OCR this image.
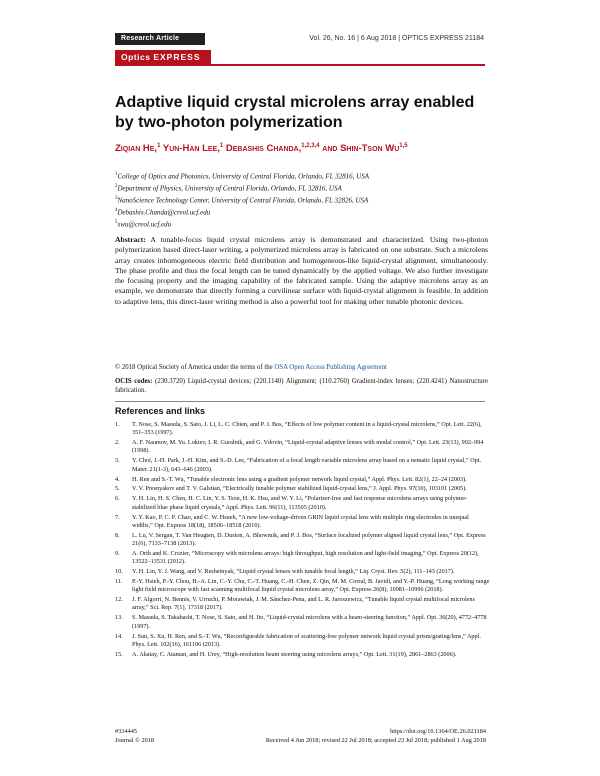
Research Article	Vol. 26, No. 16 | 6 Aug 2018 | OPTICS EXPRESS 21184
Optics EXPRESS
Adaptive liquid crystal microlens array enabled by two-photon polymerization
Ziqian He,$^1$ Yun-Han Lee,$^1$ Debashis Chanda,$^{1,2,3,4}$ and Shin-Tson Wu$^{1,5}$
$^1$College of Optics and Photonics, University of Central Florida, Orlando, FL 32816, USA
$^2$Department of Physics, University of Central Florida, Orlando, FL 32816, USA
$^3$NanoScience Technology Center, University of Central Florida, Orlando, FL 32826, USA
$^4$Debashis.Chanda@creol.ucf.edu
$^5$swu@creol.ucf.edu
Abstract: A tunable-focus liquid crystal microlens array is demonstrated and characterized. Using two-photon polymerization based direct-laser writing, a polymerized microlens array is fabricated on one substrate. Such a microlens array creates inhomogeneous electric field distribution and homogeneous-like liquid-crystal alignment, simultaneously. The phase profile and thus the focal length can be tuned dynamically by the applied voltage. We also further investigate the focusing property and the imaging capability of the fabricated sample. Using the adaptive microlens array as an example, we demonstrate that directly forming a curvilinear surface with liquid-crystal alignment is feasible. In addition to adaptive lens, this direct-laser writing method is also a powerful tool for making other tunable photonic devices.
© 2018 Optical Society of America under the terms of the OSA Open Access Publishing Agreement
OCIS codes: (230.3720) Liquid-crystal devices; (220.1140) Alignment; (110.2760) Gradient-index lenses; (220.4241) Nanostructure fabrication.
References and links
1. T. Nose, S. Masuda, S. Sato, J. Li, L. C. Chien, and P. J. Bos, “Effects of low polymer content in a liquid-crystal microlens,” Opt. Lett. 22(6), 351–353 (1997).
2. A. F. Naumov, M. Yu. Loktev, I. R. Guralnik, and G. Vdovin, “Liquid-crystal adaptive lenses with modal control,” Opt. Lett. 23(13), 992–994 (1998).
3. Y. Choi, J.-H. Park, J.-H. Kim, and S.-D. Lee, “Fabrication of a focal length variable microlens array based on a nematic liquid crystal,” Opt. Mater. 21(1-3), 643–646 (2003).
4. H. Ren and S.-T. Wu, “Tunable electronic lens using a gradient polymer network liquid crystal,” Appl. Phys. Lett. 82(1), 22–24 (2003).
5. V. V. Presnyakov and T. V. Galstian, “Electrically tunable polymer stabilized liquid-crystal lens,” J. Appl. Phys. 97(10), 103101 (2005).
6. Y. H. Lin, H. S. Chen, H. C. Lin, Y. S. Tsou, H. K. Hsu, and W. Y. Li, “Polarizer-free and fast response microlens arrays using polymer-stabilized blue phase liquid crystals,” Appl. Phys. Lett. 96(11), 113505 (2010).
7. Y. Y. Kao, P. C. P. Chao, and C. W. Hsueh, “A new low-voltage-driven GRIN liquid crystal lens with multiple ring electrodes in unequal widths,” Opt. Express 18(18), 18506–18518 (2010).
8. L. Lu, V. Sergan, T. Van Heugten, D. Duston, A. Bhowmik, and P. J. Bos, “Surface localized polymer aligned liquid crystal lens,” Opt. Express 21(6), 7133–7138 (2013).
9. A. Orth and K. Crozier, “Microscopy with microlens arrays: high throughput, high resolution and light-field imaging,” Opt. Express 20(12), 13522–13531 (2012).
10. Y. H. Lin, Y. J. Wang, and V. Reshetnyak, “Liquid crystal lenses with tunable focal length,” Liq. Cryst. Rev. 5(2), 111–143 (2017).
11. P.-Y. Hsieh, P.-Y. Chou, H.-A. Lin, C.-Y. Chu, C.-T. Huang, C.-H. Chen, Z. Qin, M. M. Corral, B. Javidi, and Y.-P. Huang, “Long working range light field microscope with fast scanning multifocal liquid crystal microlens array,” Opt. Express 26(8), 10981–10996 (2018).
12. J. F. Algorri, N. Bennis, V. Urruchi, P. Morawiak, J. M. Sánchez-Pena, and L. R. Jaroszewicz, “Tunable liquid crystal multifocal microlens array,” Sci. Rep. 7(1), 17318 (2017).
13. S. Masuda, S. Takahashi, T. Nose, S. Sato, and H. Ito, “Liquid-crystal microlens with a beam-steering function,” Appl. Opt. 36(20), 4772–4778 (1997).
14. J. Sun, S. Xu, H. Ren, and S.-T. Wu, “Reconfigurable fabrication of scattering-free polymer network liquid crystal prism/grating/lens,” Appl. Phys. Lett. 102(16), 161106 (2013).
15. A. Akatay, C. Ataman, and H. Urey, “High-resolution beam steering using microlens arrays,” Opt. Lett. 31(19), 2861–2863 (2006).
#334445
Journal © 2018
https://doi.org/10.1364/OE.26.021184
Received 4 Jun 2018; revised 22 Jul 2018; accepted 23 Jul 2018; published 1 Aug 2018
